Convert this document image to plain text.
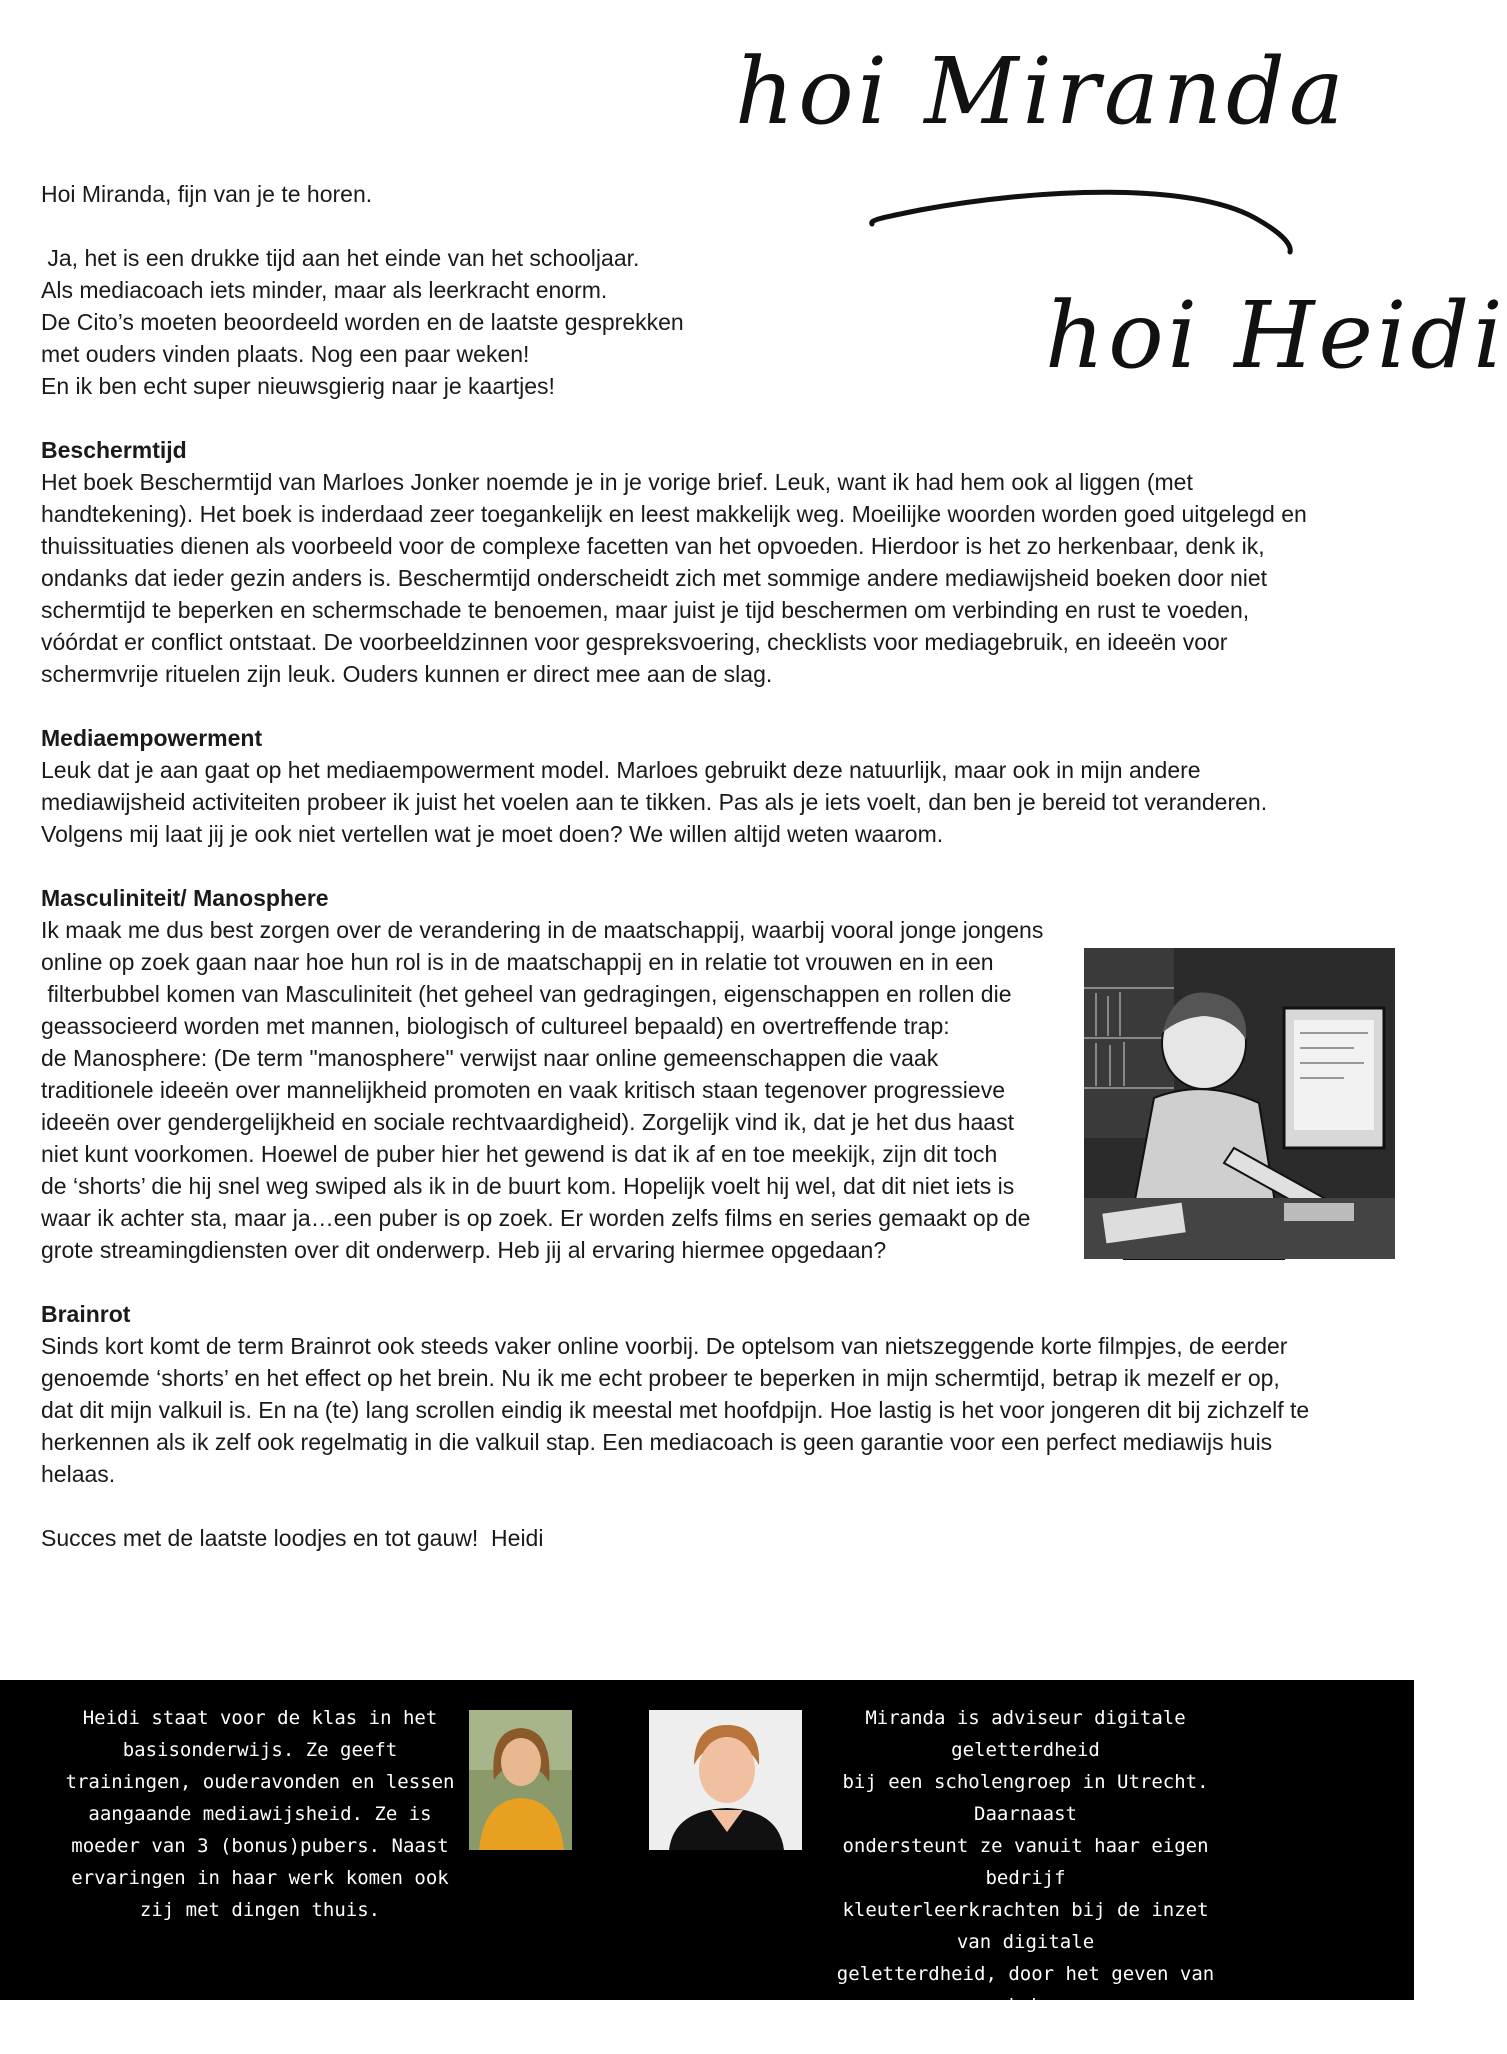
hoi Miranda
hoi Heidi

Hoi Miranda, fijn van je te horen.

Ja, het is een drukke tijd aan het einde van het schooljaar.

Als mediacoach iets minder, maar als leerkracht enorm.

De Cito’s moeten beoordeeld worden en de laatste gesprekken

met ouders vinden plaats. Nog een paar weken!

En ik ben echt super nieuwsgierig naar je kaartjes!

Beschermtijd

Het boek Beschermtijd van Marloes Jonker noemde je in je vorige brief. Leuk, want ik had hem ook al liggen (met

handtekening). Het boek is inderdaad zeer toegankelijk en leest makkelijk weg. Moeilijke woorden worden goed uitgelegd en

thuissituaties dienen als voorbeeld voor de complexe facetten van het opvoeden. Hierdoor is het zo herkenbaar, denk ik,

ondanks dat ieder gezin anders is. Beschermtijd onderscheidt zich met sommige andere mediawijsheid boeken door niet

schermtijd te beperken en schermschade te benoemen, maar juist je tijd beschermen om verbinding en rust te voeden,

vóórdat er conflict ontstaat. De voorbeeldzinnen voor gespreksvoering, checklists voor mediagebruik, en ideeën voor

schermvrije rituelen zijn leuk. Ouders kunnen er direct mee aan de slag.

Mediaempowerment

Leuk dat je aan gaat op het mediaempowerment model. Marloes gebruikt deze natuurlijk, maar ook in mijn andere

mediawijsheid activiteiten probeer ik juist het voelen aan te tikken. Pas als je iets voelt, dan ben je bereid tot veranderen.

Volgens mij laat jij je ook niet vertellen wat je moet doen? We willen altijd weten waarom.

Masculiniteit/ Manosphere

Ik maak me dus best zorgen over de verandering in de maatschappij, waarbij vooral jonge jongens

online op zoek gaan naar hoe hun rol is in de maatschappij en in relatie tot vrouwen en in een

filterbubbel komen van Masculiniteit (het geheel van gedragingen, eigenschappen en rollen die

geassocieerd worden met mannen, biologisch of cultureel bepaald) en overtreffende trap:

de Manosphere: (De term "manosphere" verwijst naar online gemeenschappen die vaak

traditionele ideeën over mannelijkheid promoten en vaak kritisch staan tegenover progressieve

ideeën over gendergelijkheid en sociale rechtvaardigheid). Zorgelijk vind ik, dat je het dus haast

niet kunt voorkomen. Hoewel de puber hier het gewend is dat ik af en toe meekijk, zijn dit toch

de ‘shorts’ die hij snel weg swiped als ik in de buurt kom. Hopelijk voelt hij wel, dat dit niet iets is

waar ik achter sta, maar ja…een puber is op zoek. Er worden zelfs films en series gemaakt op de

grote streamingdiensten over dit onderwerp. Heb jij al ervaring hiermee opgedaan?

Brainrot

Sinds kort komt de term Brainrot ook steeds vaker online voorbij. De optelsom van nietszeggende korte filmpjes, de eerder

genoemde ‘shorts’ en het effect op het brein. Nu ik me echt probeer te beperken in mijn schermtijd, betrap ik mezelf er op,

dat dit mijn valkuil is. En na (te) lang scrollen eindig ik meestal met hoofdpijn. Hoe lastig is het voor jongeren dit bij zichzelf te

herkennen als ik zelf ook regelmatig in die valkuil stap. Een mediacoach is geen garantie voor een perfect mediawijs huis

helaas.

Succes met de laatste loodjes en tot gauw!  Heidi

Heidi staat voor de klas in het
basisonderwijs. Ze geeft
trainingen, ouderavonden en lessen
aangaande mediawijsheid. Ze is
moeder van 3 (bonus)pubers. Naast
ervaringen in haar werk komen ook
zij met dingen thuis.
Miranda is adviseur digitale geletterdheid
bij een scholengroep in Utrecht. Daarnaast
ondersteunt ze vanuit haar eigen bedrijf
kleuterleerkrachten bij de inzet van digitale
geletterdheid, door het geven van workshops
en begeleidingstrajecten.
